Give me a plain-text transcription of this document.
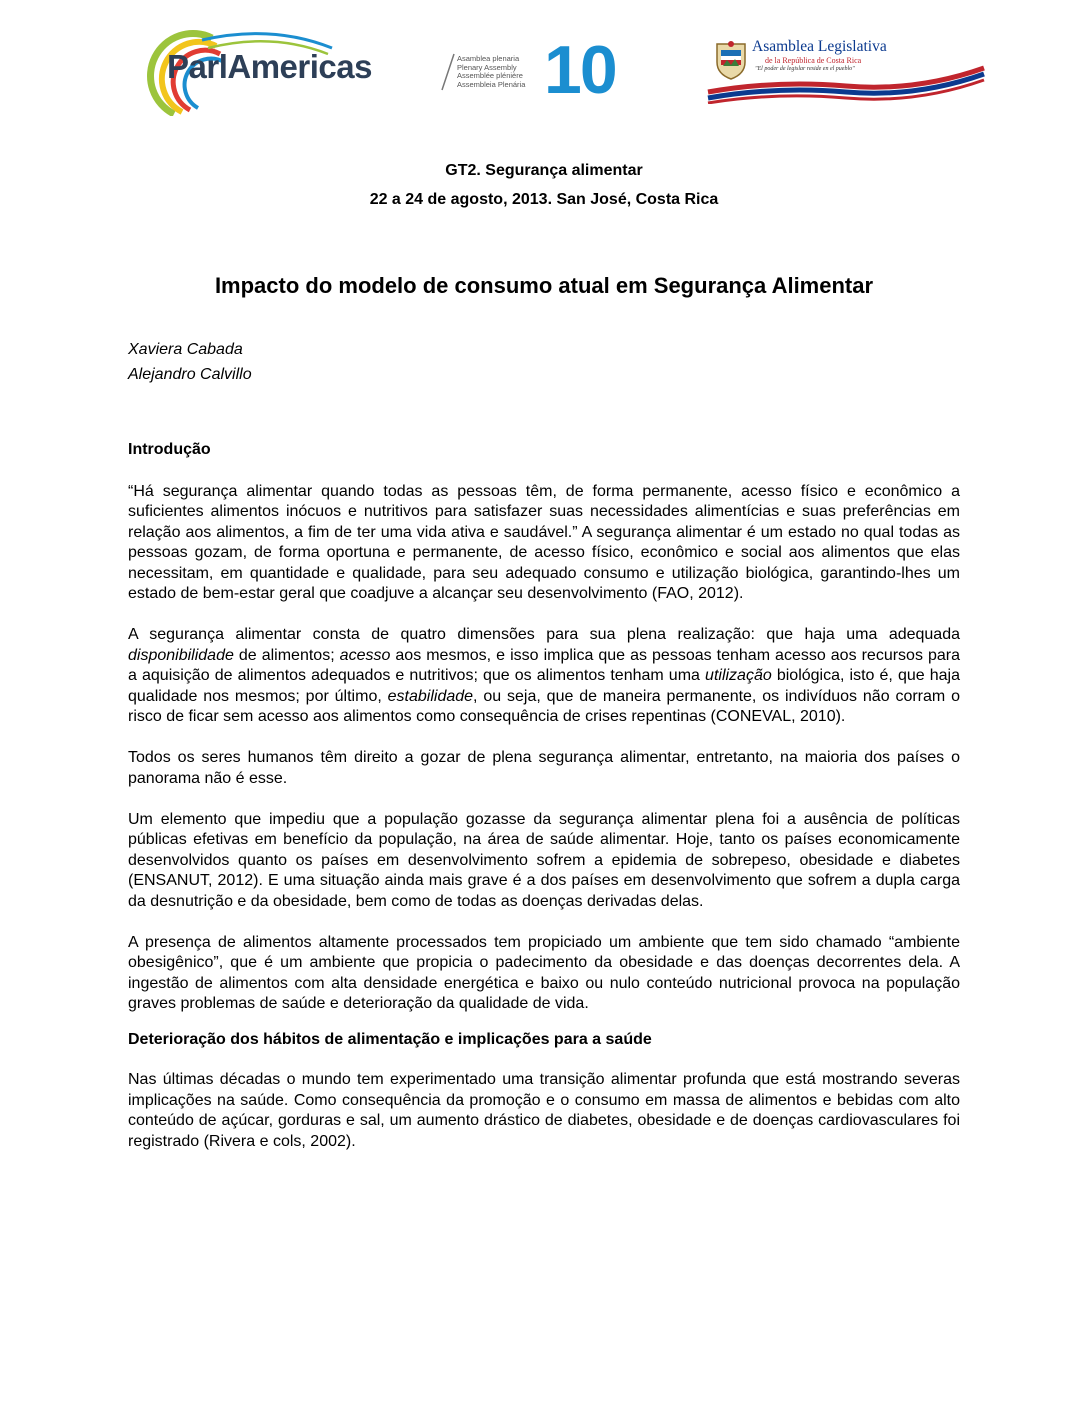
ParlAmericas	Asamblea plenaria
Plenary Assembly
Assemblée plénière
Assembleia Plenária 10	Asamblea Legislativa
de la República de Costa Rica
"El poder de legislar reside en el pueblo"
GT2. Segurança alimentar
22 a 24 de agosto, 2013. San José, Costa Rica
Impacto do modelo de consumo atual em Segurança Alimentar
Xaviera Cabada
Alejandro Calvillo
Introdução

“Há segurança alimentar quando todas as pessoas têm, de forma permanente, acesso físico e econômico a suficientes alimentos inócuos e nutritivos para satisfazer suas necessidades alimentícias e suas preferências em relação aos alimentos, a fim de ter uma vida ativa e saudável.” A segurança alimentar é um estado no qual todas as pessoas gozam, de forma oportuna e permanente, de acesso físico, econômico e social aos alimentos que elas necessitam, em quantidade e qualidade, para seu adequado consumo e utilização biológica, garantindo-lhes um estado de bem-estar geral que coadjuve a alcançar seu desenvolvimento (FAO, 2012).

A segurança alimentar consta de quatro dimensões para sua plena realização: que haja uma adequada disponibilidade de alimentos; acesso aos mesmos, e isso implica que as pessoas tenham acesso aos recursos para a aquisição de alimentos adequados e nutritivos; que os alimentos tenham uma utilização biológica, isto é, que haja qualidade nos mesmos; por último, estabilidade, ou seja, que de maneira permanente, os indivíduos não corram o risco de ficar sem acesso aos alimentos como consequência de crises repentinas (CONEVAL, 2010).

Todos os seres humanos têm direito a gozar de plena segurança alimentar, entretanto, na maioria dos países o panorama não é esse.

Um elemento que impediu que a população gozasse da segurança alimentar plena foi a ausência de políticas públicas efetivas em benefício da população, na área de saúde alimentar. Hoje, tanto os países economicamente desenvolvidos quanto os países em desenvolvimento sofrem a epidemia de sobrepeso, obesidade e diabetes (ENSANUT, 2012). E uma situação ainda mais grave é a dos países em desenvolvimento que sofrem a dupla carga da desnutrição e da obesidade, bem como de todas as doenças derivadas delas.

A presença de alimentos altamente processados tem propiciado um ambiente que tem sido chamado “ambiente obesigênico”, que é um ambiente que propicia o padecimento da obesidade e das doenças decorrentes dela. A ingestão de alimentos com alta densidade energética e baixo ou nulo conteúdo nutricional provoca na população graves problemas de saúde e deterioração da qualidade de vida.

Deterioração dos hábitos de alimentação e implicações para a saúde

Nas últimas décadas o mundo tem experimentado uma transição alimentar profunda que está mostrando severas implicações na saúde. Como consequência da promoção e o consumo em massa de alimentos e bebidas com alto conteúdo de açúcar, gorduras e sal, um aumento drástico de diabetes, obesidade e de doenças cardiovasculares foi registrado (Rivera e cols, 2002).
